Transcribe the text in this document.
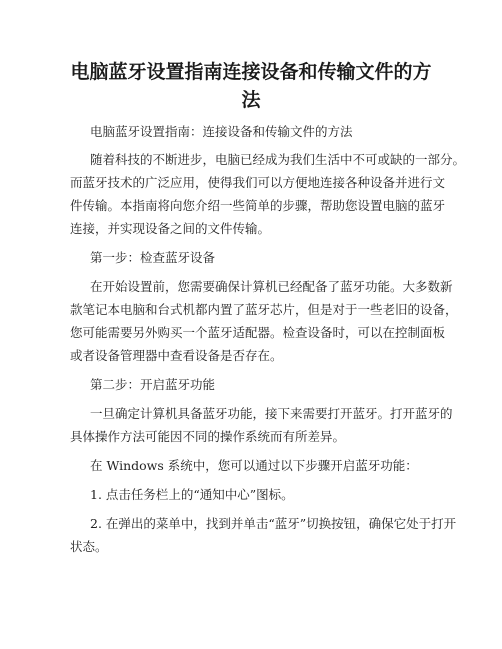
电脑蓝牙设置指南连接设备和传输文件的方
法
电脑蓝牙设置指南：连接设备和传输文件的方法
随着科技的不断进步，电脑已经成为我们生活中不可或缺的一部分。
而蓝牙技术的广泛应用，使得我们可以方便地连接各种设备并进行文
件传输。本指南将向您介绍一些简单的步骤，帮助您设置电脑的蓝牙
连接，并实现设备之间的文件传输。
第一步：检查蓝牙设备
在开始设置前，您需要确保计算机已经配备了蓝牙功能。大多数新
款笔记本电脑和台式机都内置了蓝牙芯片，但是对于一些老旧的设备，
您可能需要另外购买一个蓝牙适配器。检查设备时，可以在控制面板
或者设备管理器中查看设备是否存在。
第二步：开启蓝牙功能
一旦确定计算机具备蓝牙功能，接下来需要打开蓝牙。打开蓝牙的
具体操作方法可能因不同的操作系统而有所差异。
在 Windows 系统中，您可以通过以下步骤开启蓝牙功能：
1. 点击任务栏上的“通知中心”图标。
2. 在弹出的菜单中，找到并单击“蓝牙”切换按钮，确保它处于打开
状态。
